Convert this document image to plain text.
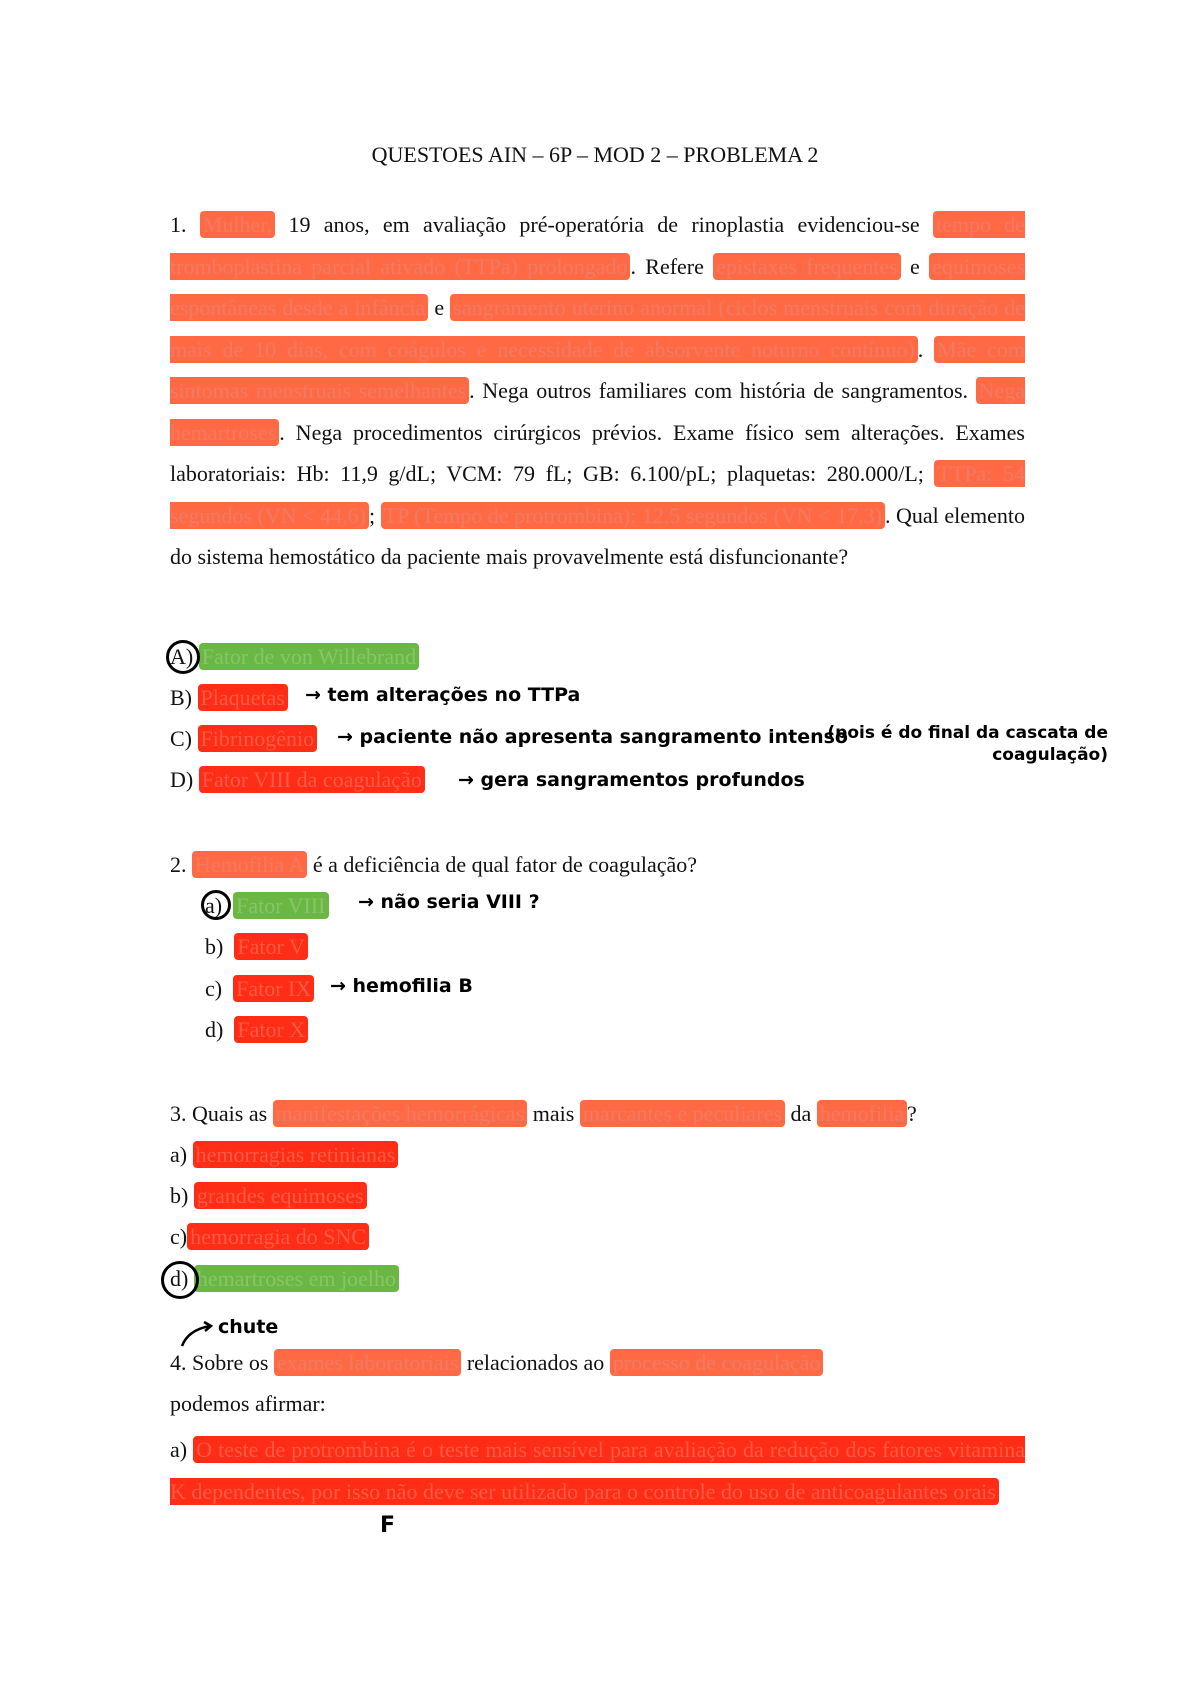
QUESTOES AIN – 6P – MOD 2 – PROBLEMA 2
1. Mulher, 19 anos, em avaliação pré-operatória de rinoplastia evidenciou-se tempo de tromboplastina parcial ativado (TTPa) prolongado . Refere epistaxes frequentes e equimoses espontâneas desde a infância e sangramento uterino anormal (ciclos menstruais com duração de mais de 10 dias, com coágulos e necessidade de absorvente noturno contínuo) . Mãe com sintomas menstruais semelhantes . Nega outros familiares com história de sangramentos. Nega hemartroses . Nega procedimentos cirúrgicos prévios. Exame físico sem alterações. Exames laboratoriais: Hb: 11,9 g/dL; VCM: 79 fL; GB: 6.100/pL; plaquetas: 280.000/L; TTPa: 54 segundos (VN < 44,6) ; TP (Tempo de protrombina): 12,5 segundos (VN < 17,3) . Qual elemento do sistema hemostático da paciente mais provavelmente está disfuncionante?
A) Fator de von Willebrand
B) Plaquetas → tem alterações no TTPa
C) Fibrinogênio → paciente não apresenta sangramento intenso
(pois é do final da cascata de coagulação)
D) Fator VIII da coagulação → gera sangramentos profundos
2. Hemofilia A é a deficiência de qual fator de coagulação?
a) Fator VIII → não seria VIII ?
b) Fator V
c) Fator IX → hemofilia B
d) Fator X
3. Quais as manifestações hemorrágicas mais marcantes e peculiares da hemofilia ?
a) hemorragias retinianas
b) grandes equimoses
c) hemorragia do SNC
d) hemartroses em joelho
chute
4. Sobre os exames laboratoriais relacionados ao processo de coagulação
podemos afirmar:
a) O teste de protrombina é o teste mais sensível para avaliação da redução dos fatores vitamina K dependentes, por isso não deve ser utilizado para o controle do uso de anticoagulantes orais
F
